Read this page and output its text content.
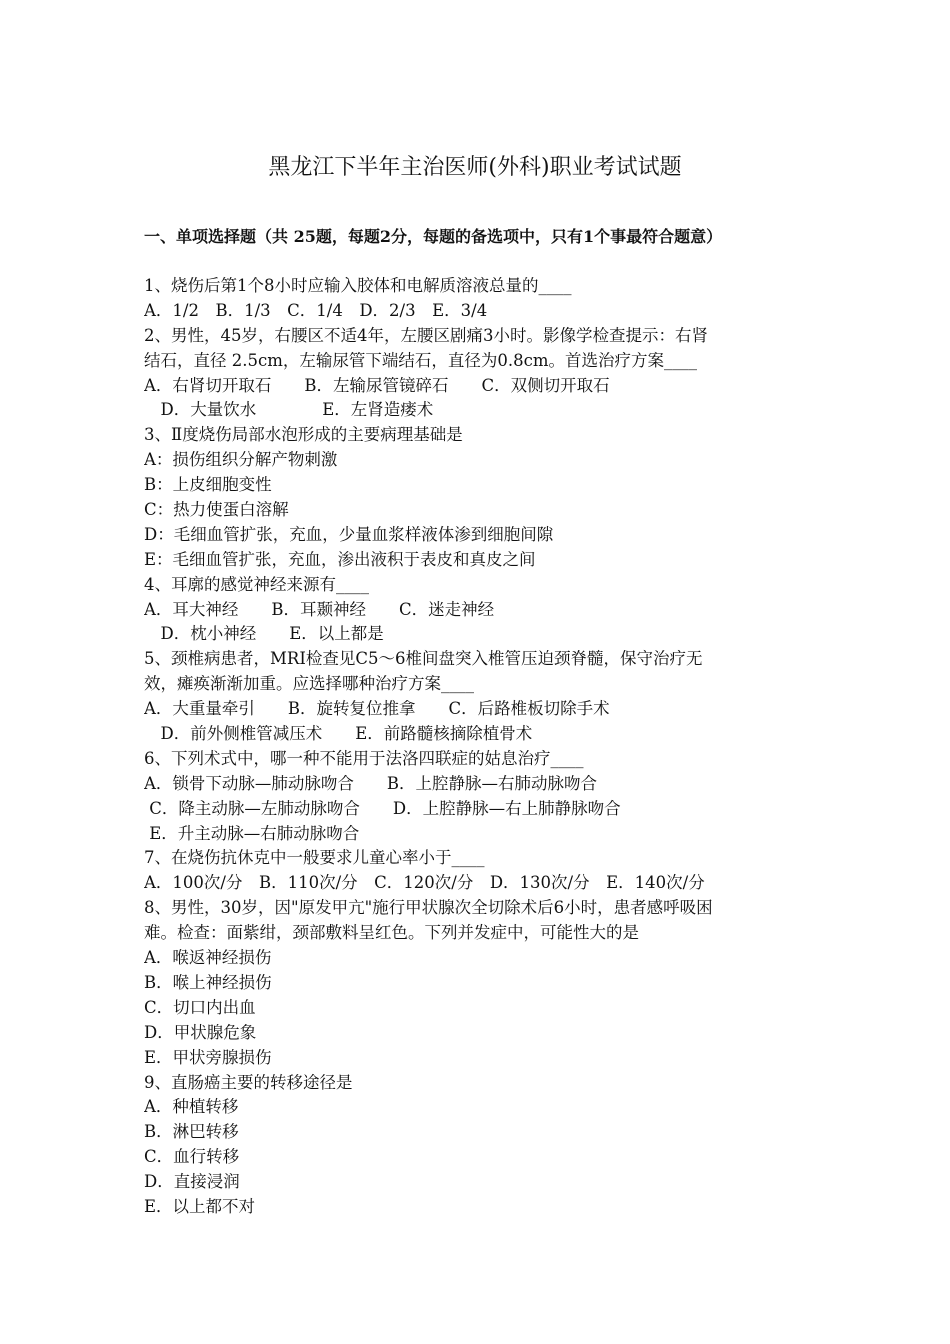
黑龙江下半年主治医师(外科)职业考试试题
一、单项选择题（共 25题，每题2分，每题的备选项中，只有1个事最符合题意）
1、烧伤后第1个8小时应输入胶体和电解质溶液总量的____
A．1/2　B．1/3　C．1/4　D．2/3　E．3/4
2、男性，45岁，右腰区不适4年，左腰区剧痛3小时。影像学检查提示：右肾
结石，直径 2.5cm，左输尿管下端结石，直径为0.8cm。首选治疗方案____
A．右肾切开取石　　B．左输尿管镜碎石　　C．双侧切开取石
　D．大量饮水　　　　E．左肾造瘘术
3、Ⅱ度烧伤局部水泡形成的主要病理基础是
A：损伤组织分解产物刺激
B：上皮细胞变性
C：热力使蛋白溶解
D：毛细血管扩张，充血，少量血浆样液体渗到细胞间隙
E：毛细血管扩张，充血，渗出液积于表皮和真皮之间
4、耳廓的感觉神经来源有____
A．耳大神经　　B．耳颞神经　　C．迷走神经
　D．枕小神经　　E．以上都是
5、颈椎病患者，MRI检查见C5～6椎间盘突入椎管压迫颈脊髓，保守治疗无
效，瘫痪渐渐加重。应选择哪种治疗方案____
A．大重量牵引　　B．旋转复位推拿　　C．后路椎板切除手术
　D．前外侧椎管减压术　　E．前路髓核摘除植骨术
6、下列术式中，哪一种不能用于法洛四联症的姑息治疗____
A．锁骨下动脉—肺动脉吻合　　B．上腔静脉—右肺动脉吻合
C．降主动脉—左肺动脉吻合　　D．上腔静脉—右上肺静脉吻合
E．升主动脉—右肺动脉吻合
7、在烧伤抗休克中一般要求儿童心率小于____
A．100次/分　B．110次/分　C．120次/分　D．130次/分　E．140次/分
8、男性，30岁，因"原发甲亢"施行甲状腺次全切除术后6小时，患者感呼吸困
难。检查：面紫绀，颈部敷料呈红色。下列并发症中，可能性大的是
A．喉返神经损伤
B．喉上神经损伤
C．切口内出血
D．甲状腺危象
E．甲状旁腺损伤
9、直肠癌主要的转移途径是
A．种植转移
B．淋巴转移
C．血行转移
D．直接浸润
E．以上都不对
